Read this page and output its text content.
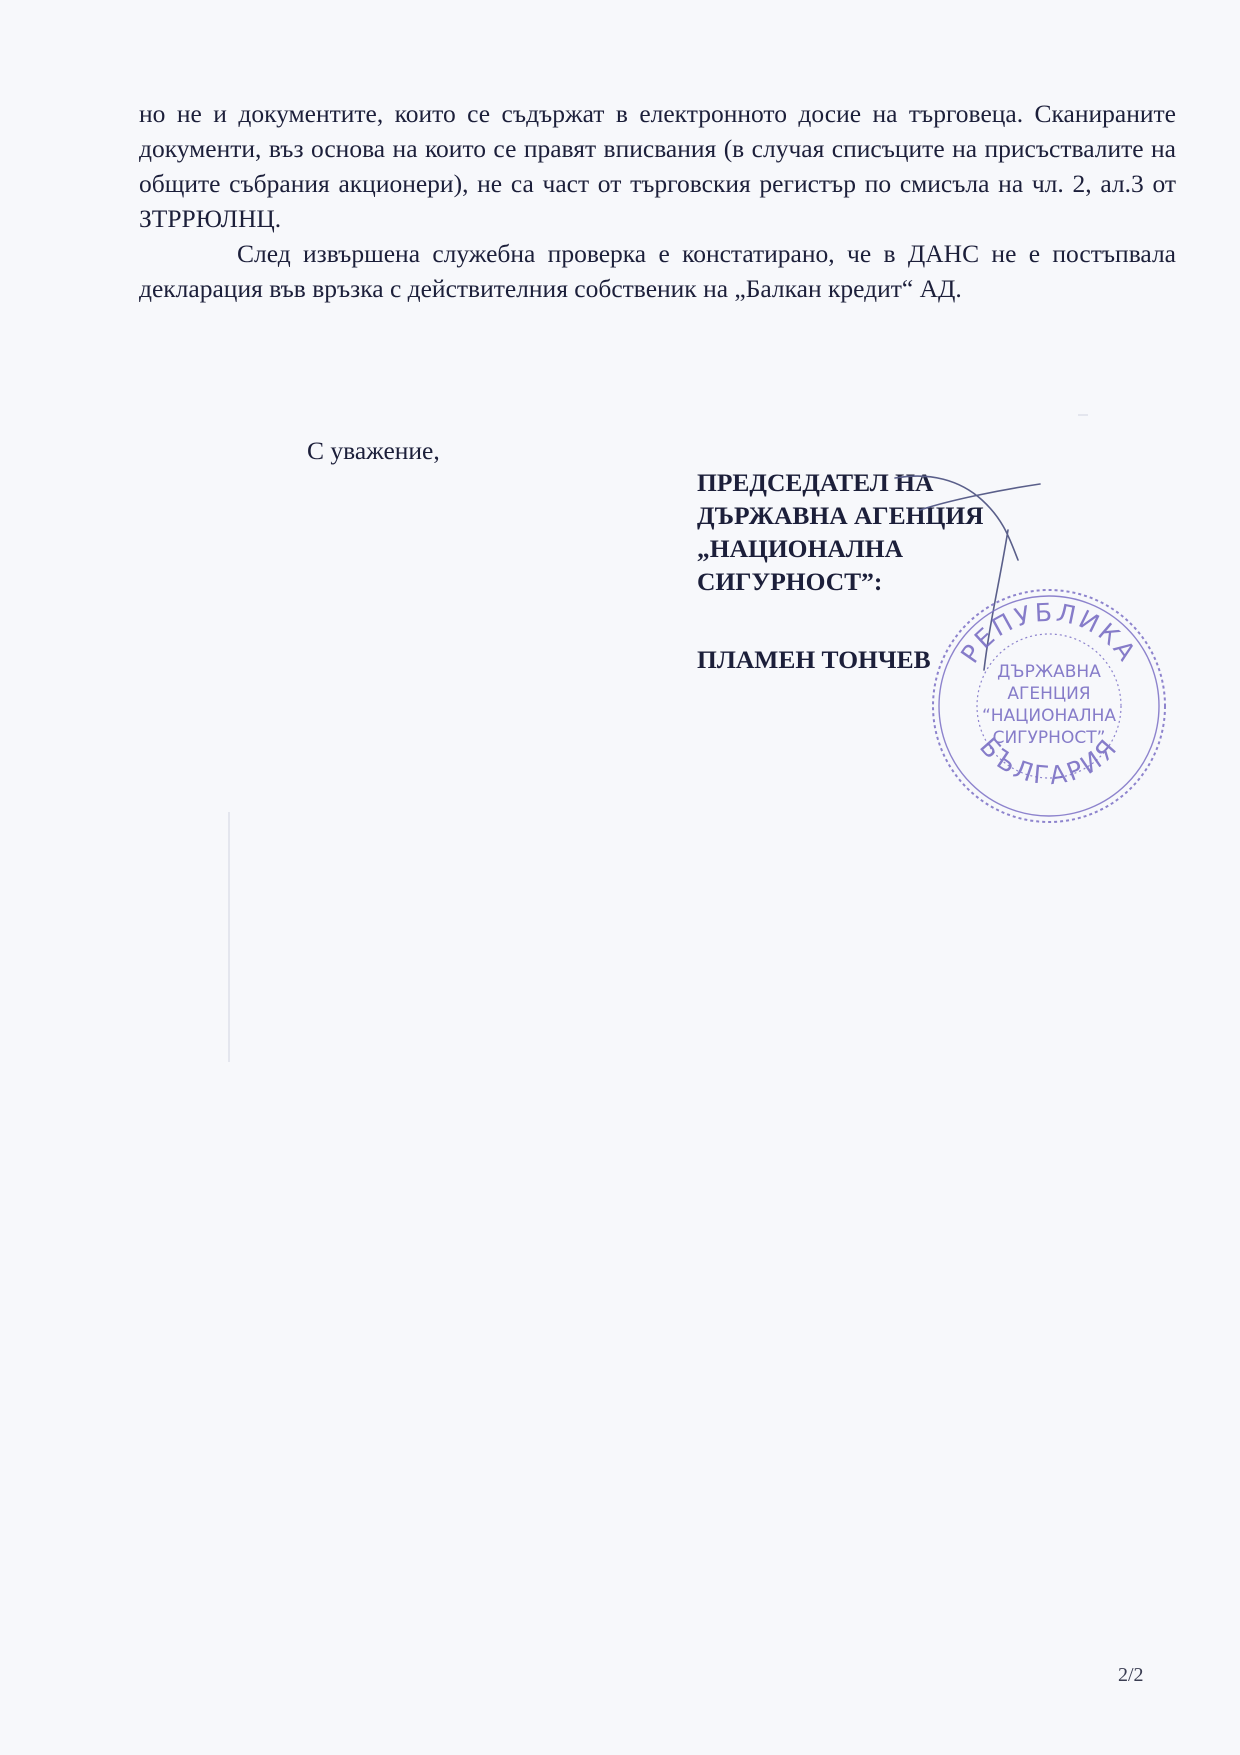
но не и документите, които се съдържат в електронното досие на търговеца. Сканираните документи, въз основа на които се правят вписвания (в случая списъците на присъствалите на общите събрания акционери), не са част от търговския регистър по смисъла на чл. 2, ал.3 от ЗТРРЮЛНЦ.

След извършена служебна проверка е констатирано, че в ДАНС не е постъпвала декларация във връзка с действителния собственик на „Балкан кредит“ АД.

С уважение,

ПРЕДСЕДАТЕЛ НА
ДЪРЖАВНА АГЕНЦИЯ
„НАЦИОНАЛНА
СИГУРНОСТ”:

ПЛАМЕН ТОНЧЕВ РЕПУБЛИКА
БЪЛГАРИЯ
ДЪРЖАВНА
АГЕНЦИЯ
“НАЦИОНАЛНА
СИГУРНОСТ”

2/2
